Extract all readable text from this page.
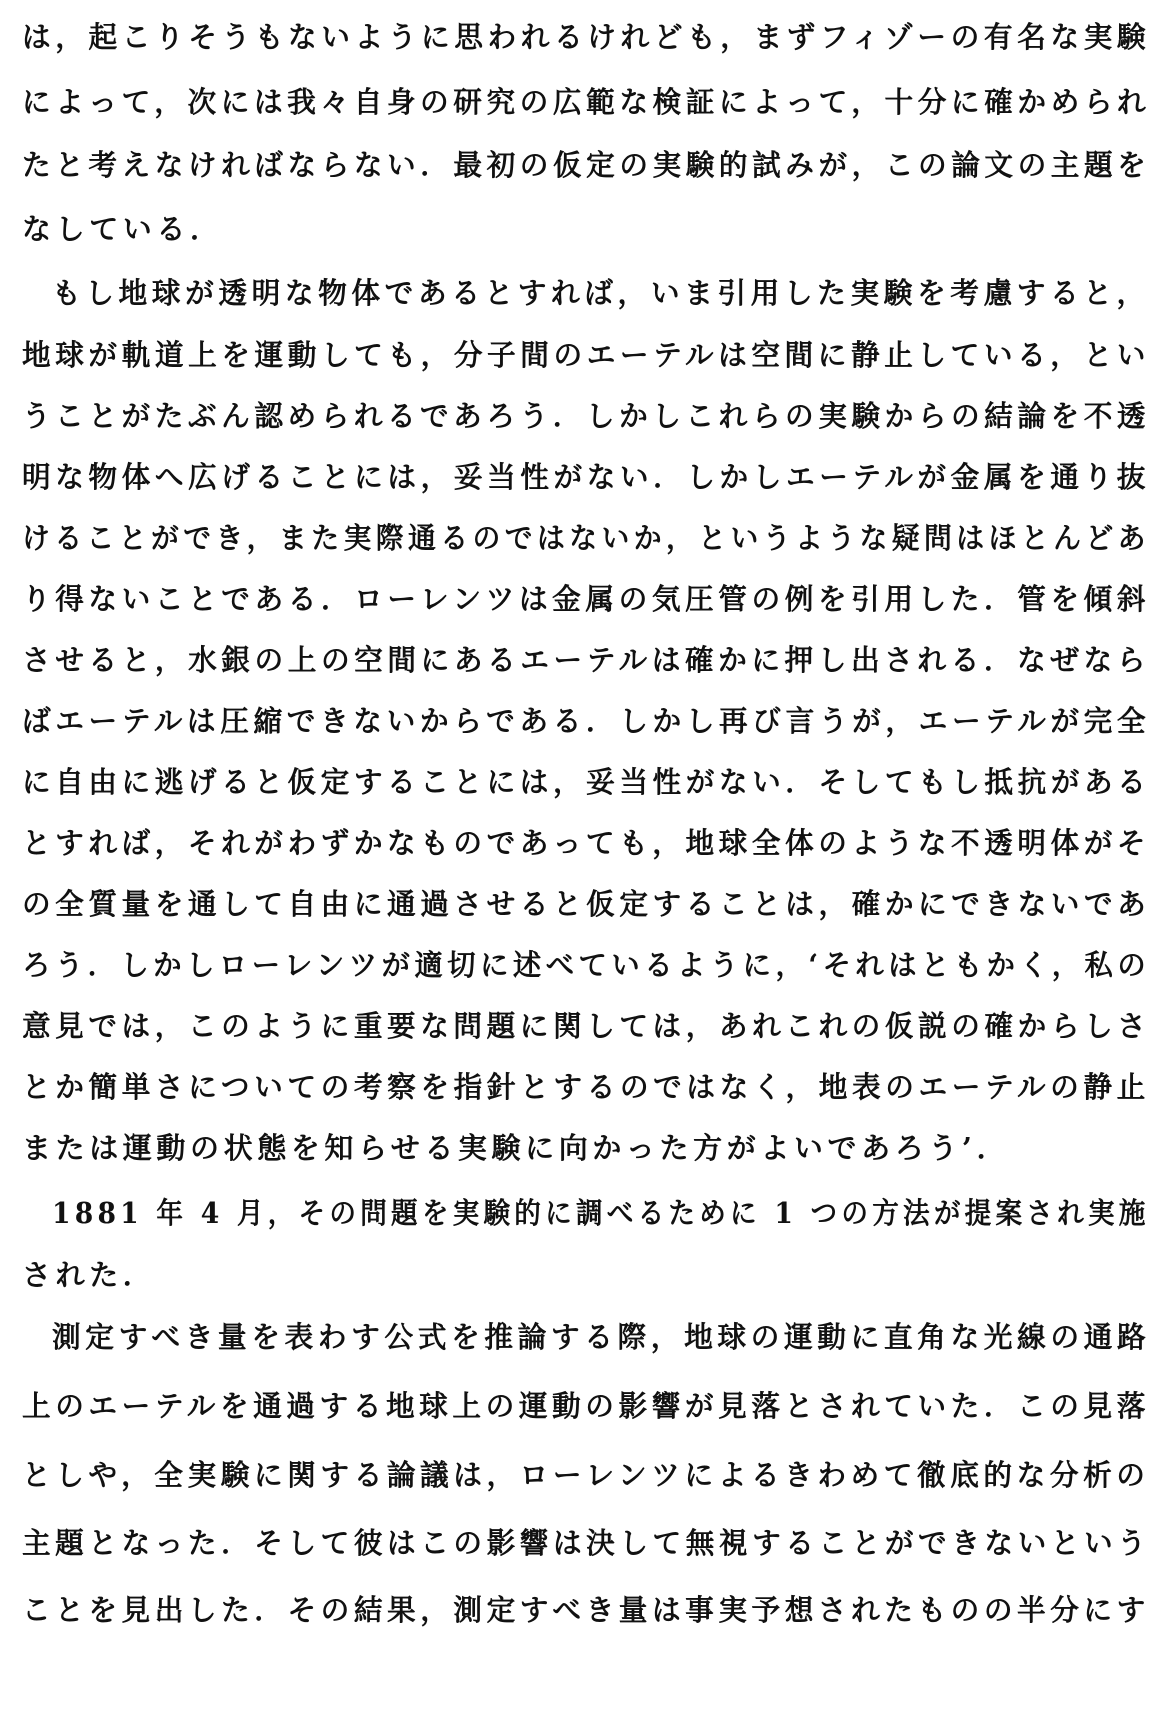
は，起こりそうもないように思われるけれども，まずフィゾーの有名な実験
によって，次には我々自身の研究の広範な検証によって，十分に確かめられ
たと考えなければならない．最初の仮定の実験的試みが，この論文の主題を
なしている．
もし地球が透明な物体であるとすれば，いま引用した実験を考慮すると，
地球が軌道上を運動しても，分子間のエーテルは空間に静止している，とい
うことがたぶん認められるであろう．しかしこれらの実験からの結論を不透
明な物体へ広げることには，妥当性がない．しかしエーテルが金属を通り抜
けることができ，また実際通るのではないか，というような疑問はほとんどあ
り得ないことである．ローレンツは金属の気圧管の例を引用した．管を傾斜
させると，水銀の上の空間にあるエーテルは確かに押し出される．なぜなら
ばエーテルは圧縮できないからである．しかし再び言うが，エーテルが完全
に自由に逃げると仮定することには，妥当性がない．そしてもし抵抗がある
とすれば，それがわずかなものであっても，地球全体のような不透明体がそ
の全質量を通して自由に通過させると仮定することは，確かにできないであ
ろう．しかしローレンツが適切に述べているように，‘それはともかく，私の
意見では，このように重要な問題に関しては，あれこれの仮説の確からしさ
とか簡単さについての考察を指針とするのではなく，地表のエーテルの静止
または運動の状態を知らせる実験に向かった方がよいであろう’．
1881 年 4 月，その問題を実験的に調べるために 1 つの方法が提案され実施
された．
測定すべき量を表わす公式を推論する際，地球の運動に直角な光線の通路
上のエーテルを通過する地球上の運動の影響が見落とされていた．この見落
としや，全実験に関する論議は，ローレンツによるきわめて徹底的な分析の
主題となった．そして彼はこの影響は決して無視することができないという
ことを見出した．その結果，測定すべき量は事実予想されたものの半分にす
